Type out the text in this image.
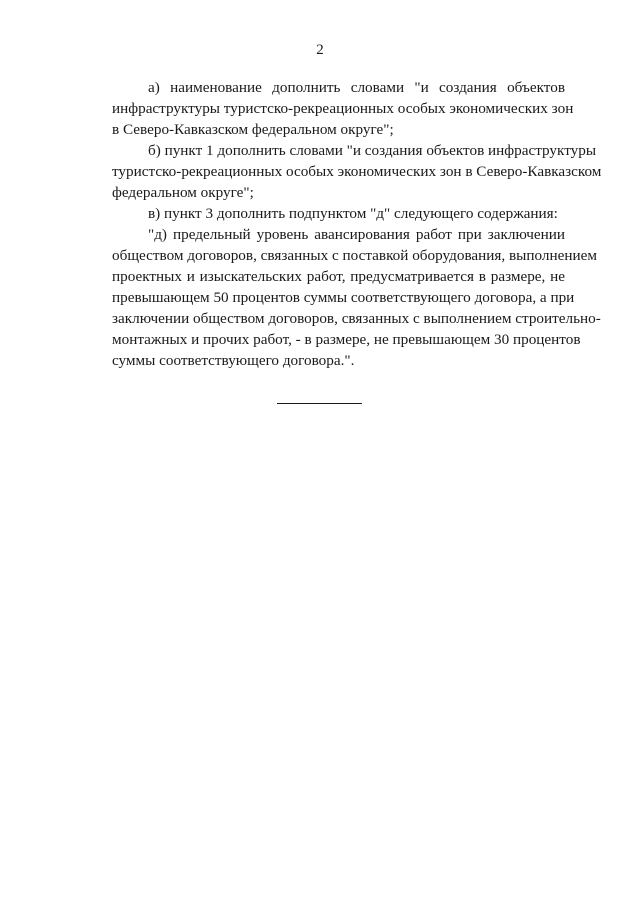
2
а) наименование дополнить словами "и создания объектов
инфраструктуры туристско-рекреационных особых экономических зон
в Северо-Кавказском федеральном округе";
б) пункт 1 дополнить словами "и создания объектов инфраструктуры
туристско-рекреационных особых экономических зон в Северо-Кавказском
федеральном округе";
в) пункт 3 дополнить подпунктом "д" следующего содержания:
"д) предельный уровень авансирования работ при заключении
обществом договоров, связанных с поставкой оборудования, выполнением
проектных и изыскательских работ, предусматривается в размере, не
превышающем 50 процентов суммы соответствующего договора, а при
заключении обществом договоров, связанных с выполнением строительно-
монтажных и прочих работ, - в размере, не превышающем 30 процентов
суммы соответствующего договора.".
